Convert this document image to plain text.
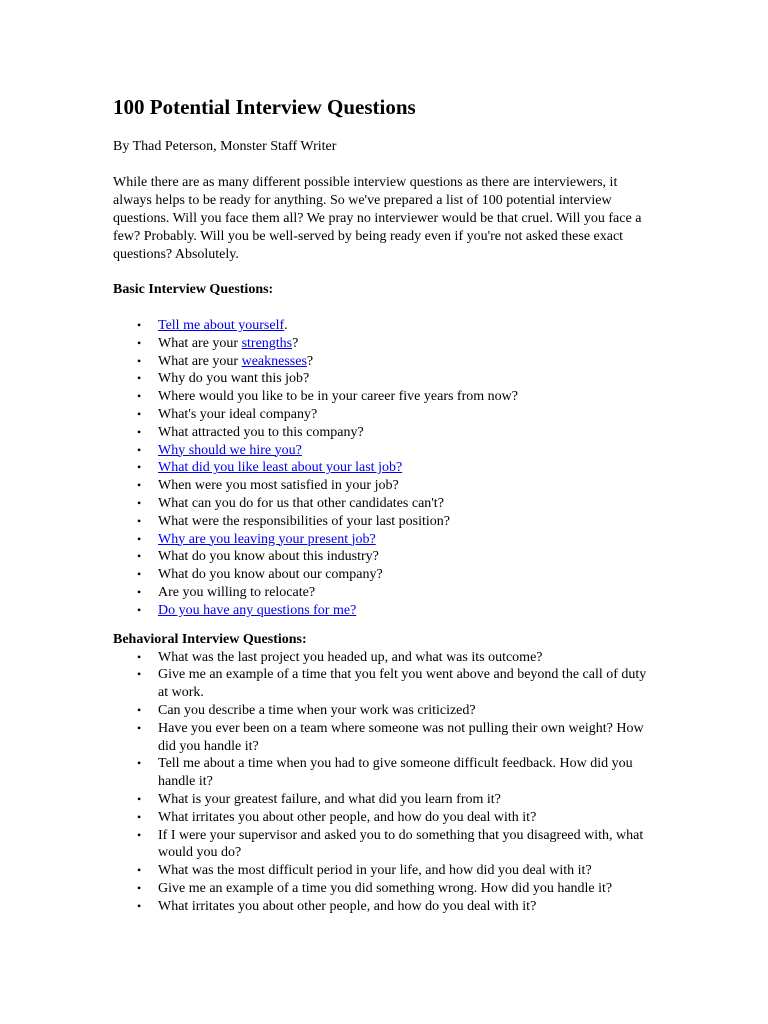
100 Potential Interview Questions

By Thad Peterson, Monster Staff Writer

While there are as many different possible interview questions as there are interviewers, it always helps to be ready for anything. So we've prepared a list of 100 potential interview questions. Will you face them all? We pray no interviewer would be that cruel. Will you face a few? Probably. Will you be well-served by being ready even if you're not asked these exact questions? Absolutely.

Basic Interview Questions:

• Tell me about yourself.
• What are your strengths?
• What are your weaknesses?
• Why do you want this job?
• Where would you like to be in your career five years from now?
• What's your ideal company?
• What attracted you to this company?
• Why should we hire you?
• What did you like least about your last job?
• When were you most satisfied in your job?
• What can you do for us that other candidates can't?
• What were the responsibilities of your last position?
• Why are you leaving your present job?
• What do you know about this industry?
• What do you know about our company?
• Are you willing to relocate?
• Do you have any questions for me?

Behavioral Interview Questions:

• What was the last project you headed up, and what was its outcome?
• Give me an example of a time that you felt you went above and beyond the call of duty at work.
• Can you describe a time when your work was criticized?
• Have you ever been on a team where someone was not pulling their own weight? How did you handle it?
• Tell me about a time when you had to give someone difficult feedback. How did you handle it?
• What is your greatest failure, and what did you learn from it?
• What irritates you about other people, and how do you deal with it?
• If I were your supervisor and asked you to do something that you disagreed with, what would you do?
• What was the most difficult period in your life, and how did you deal with it?
• Give me an example of a time you did something wrong. How did you handle it?
• What irritates you about other people, and how do you deal with it?
